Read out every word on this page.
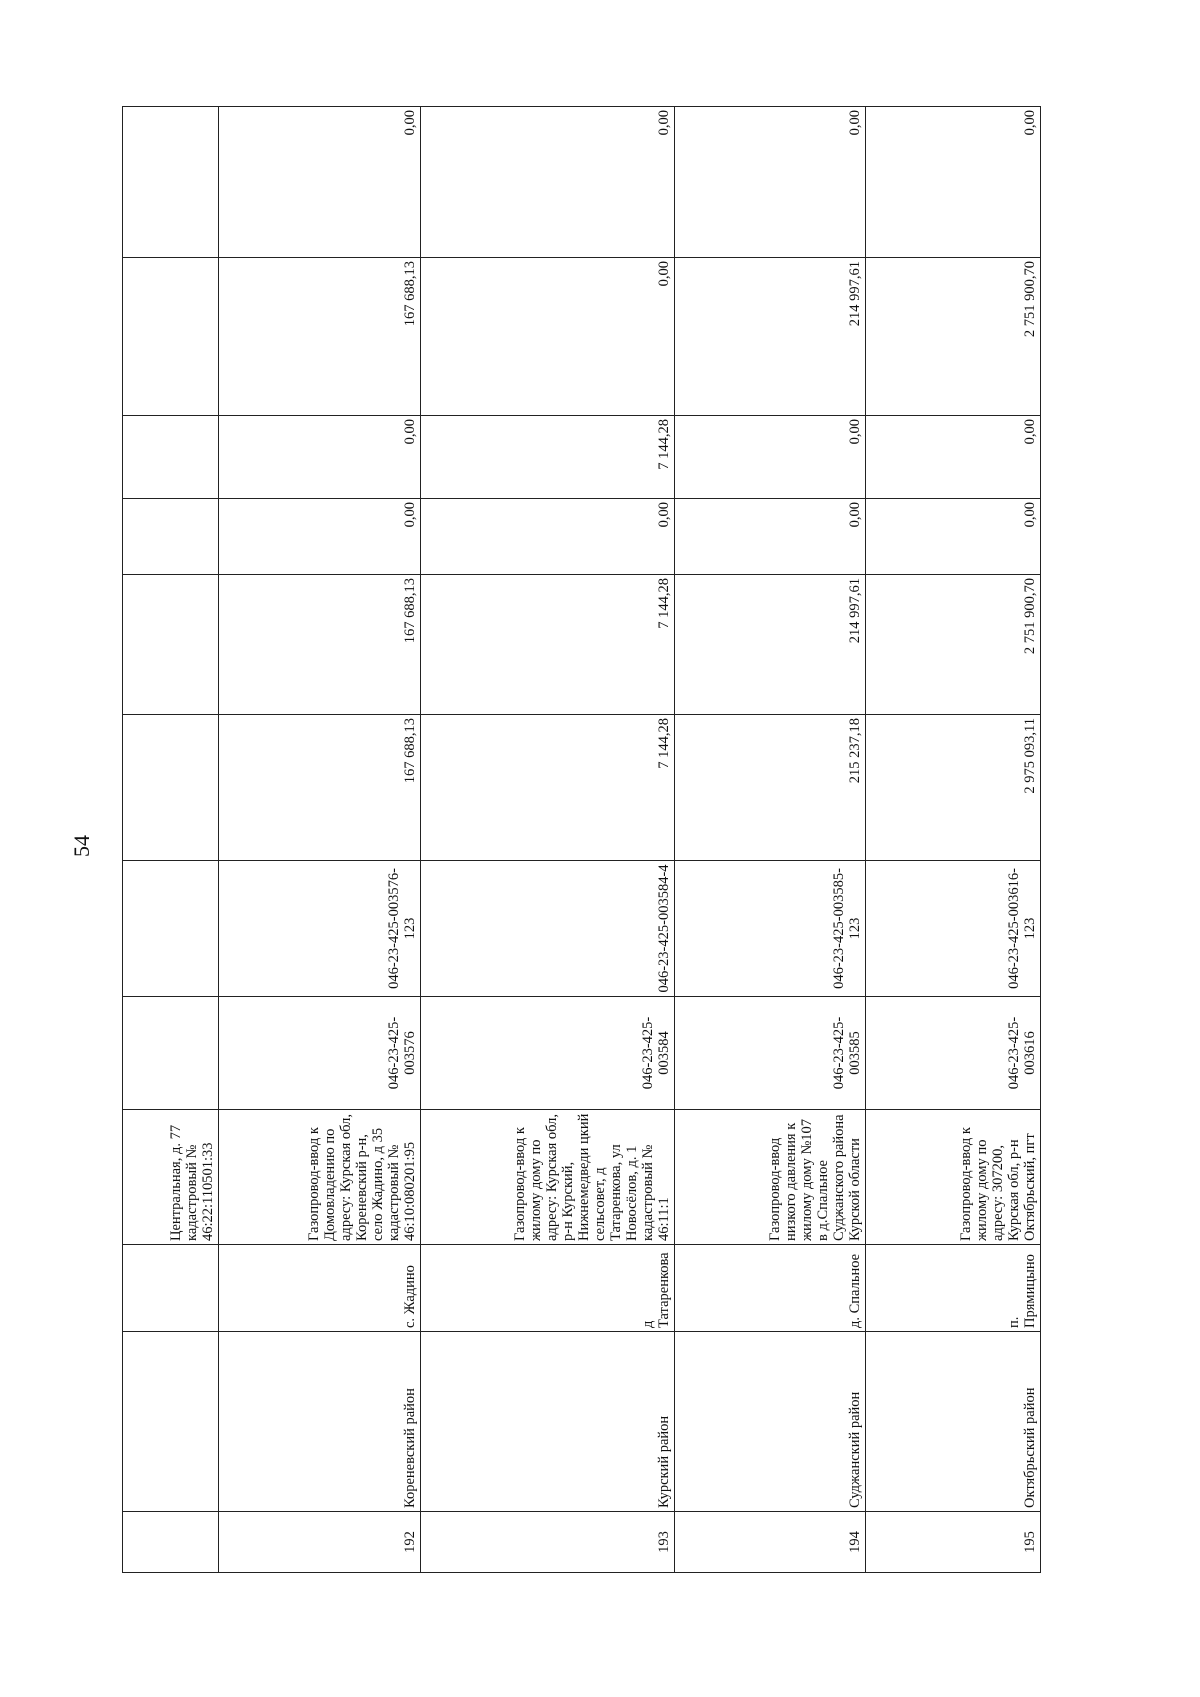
54
			Центральная, д. 77 кадастровый № 46:22:110501:33								
192	Кореневский район	с. Жадино	Газопровод-ввод к Домовладению по адресу: Курская обл, Кореневский р-н, село Жадино, д 35 кадастровый № 46:10:080201:95	046-23-425-003576	046-23-425-003576-123	167 688,13	167 688,13	0,00	0,00	167 688,13	0,00
193	Курский район	д Татаренкова	Газопровод-ввод к жилому дому по адресу: Курская обл, р-н Курский, Нижнемедведи цкий сельсовет, д Татаренкова, ул Новосёлов, д. 1 кадастровый № 46:11:1	046-23-425-003584	046-23-425-003584-4	7 144,28	7 144,28	0,00	7 144,28	0,00	0,00
194	Суджанский район	д. Спальное	Газопровод-ввод низкого давления к жилому дому №107 в д.Спальное Суджанского района Курской области	046-23-425-003585	046-23-425-003585-123	215 237,18	214 997,61	0,00	0,00	214 997,61	0,00
195	Октябрьский район	п. Прямицыно	Газопровод-ввод к жилому дому по адресу: 307200, Курская обл, р-н Октябрьский, пгт	046-23-425-003616	046-23-425-003616-123	2 975 093,11	2 751 900,70	0,00	0,00	2 751 900,70	0,00
